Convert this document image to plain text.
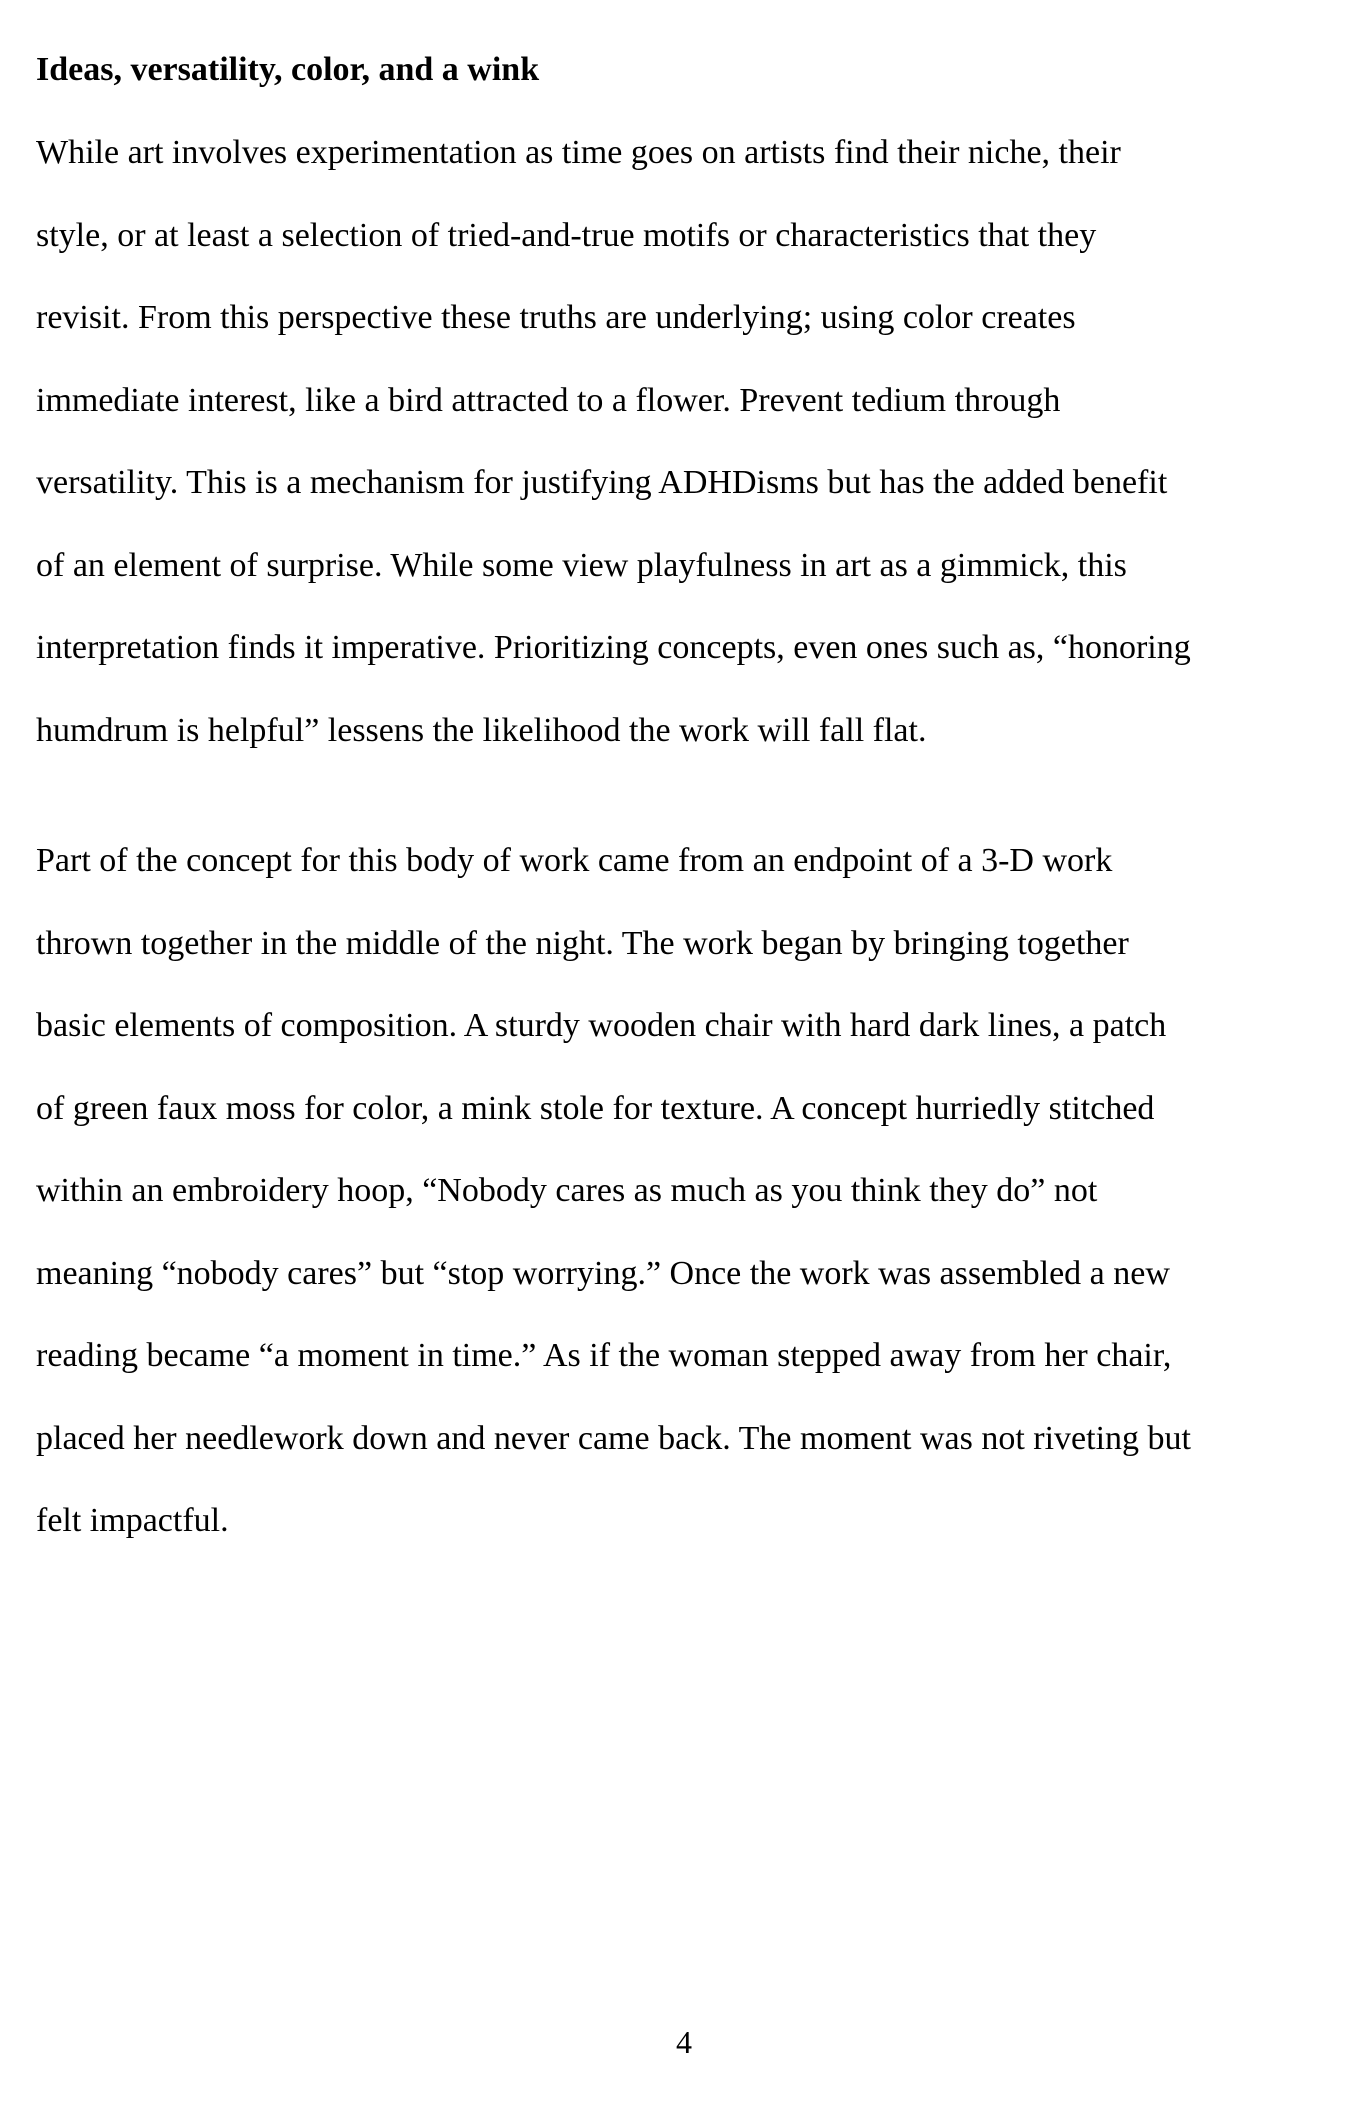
Ideas, versatility, color, and a wink

While art involves experimentation as time goes on artists find their niche, their
style, or at least a selection of tried-and-true motifs or characteristics that they
revisit. From this perspective these truths are underlying; using color creates
immediate interest, like a bird attracted to a flower. Prevent tedium through
versatility. This is a mechanism for justifying ADHDisms but has the added benefit
of an element of surprise. While some view playfulness in art as a gimmick, this
interpretation finds it imperative. Prioritizing concepts, even ones such as, “honoring
humdrum is helpful” lessens the likelihood the work will fall flat.

Part of the concept for this body of work came from an endpoint of a 3-D work
thrown together in the middle of the night. The work began by bringing together
basic elements of composition. A sturdy wooden chair with hard dark lines, a patch
of green faux moss for color, a mink stole for texture. A concept hurriedly stitched
within an embroidery hoop, “Nobody cares as much as you think they do” not
meaning “nobody cares” but “stop worrying.” Once the work was assembled a new
reading became “a moment in time.” As if the woman stepped away from her chair,
placed her needlework down and never came back. The moment was not riveting but
felt impactful.

4
